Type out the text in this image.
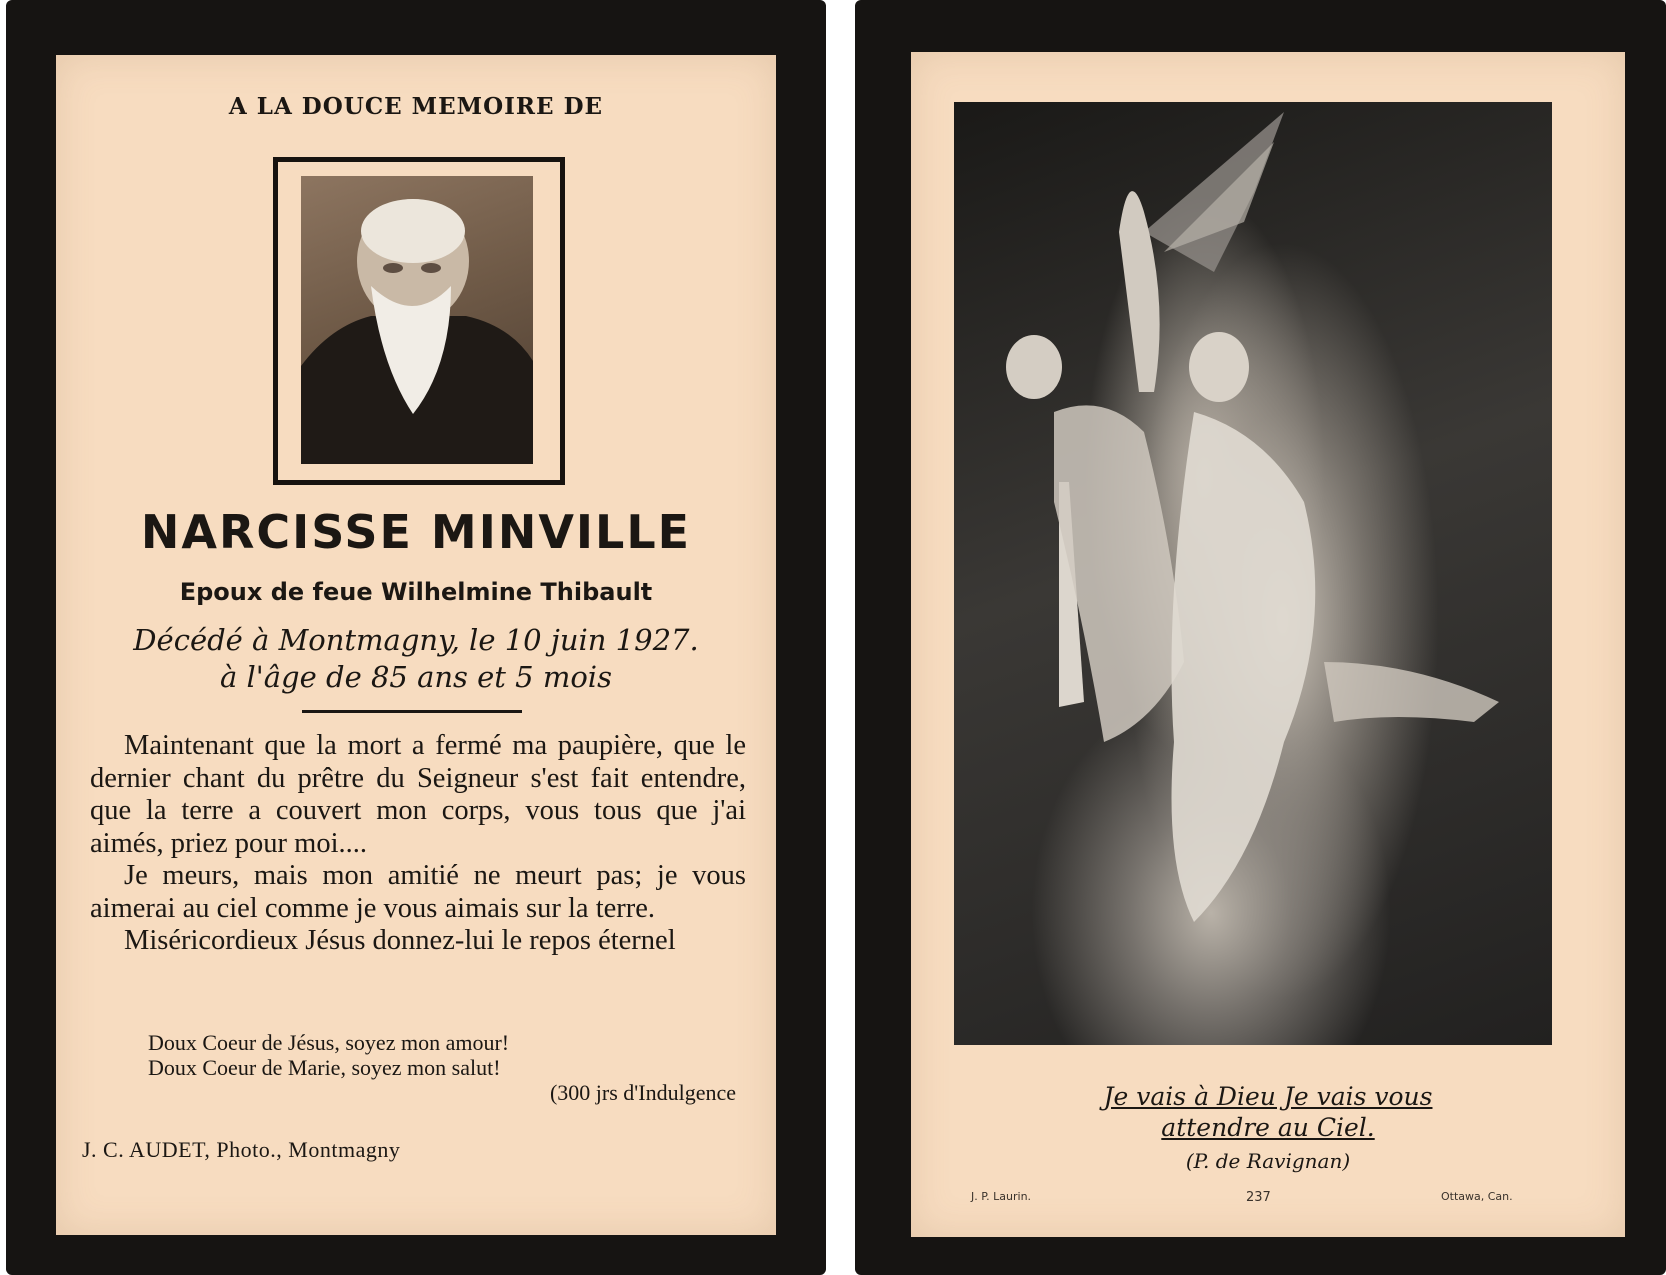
A LA DOUCE MEMOIRE DE
NARCISSE MINVILLE
Epoux de feue Wilhelmine Thibault
Décédé à Montmagny, le 10 juin 1927.
à l'âge de 85 ans et 5 mois

Maintenant que la mort a fermé ma paupière, que le dernier chant du prêtre du Seigneur s'est fait entendre, que la terre a couvert mon corps, vous tous que j'ai aimés, priez pour moi....

Je meurs, mais mon amitié ne meurt pas; je vous aimerai au ciel comme je vous aimais sur la terre.

Miséricordieux Jésus donnez-lui le repos éternel

Doux Coeur de Jésus, soyez mon amour!
Doux Coeur de Marie, soyez mon salut!
(300 jrs d'Indulgence
J. C. AUDET, Photo., Montmagny
Je vais à Dieu Je vais vous
attendre au Ciel.
(P. de Ravignan)
J. P. Laurin.	237	Ottawa, Can.
